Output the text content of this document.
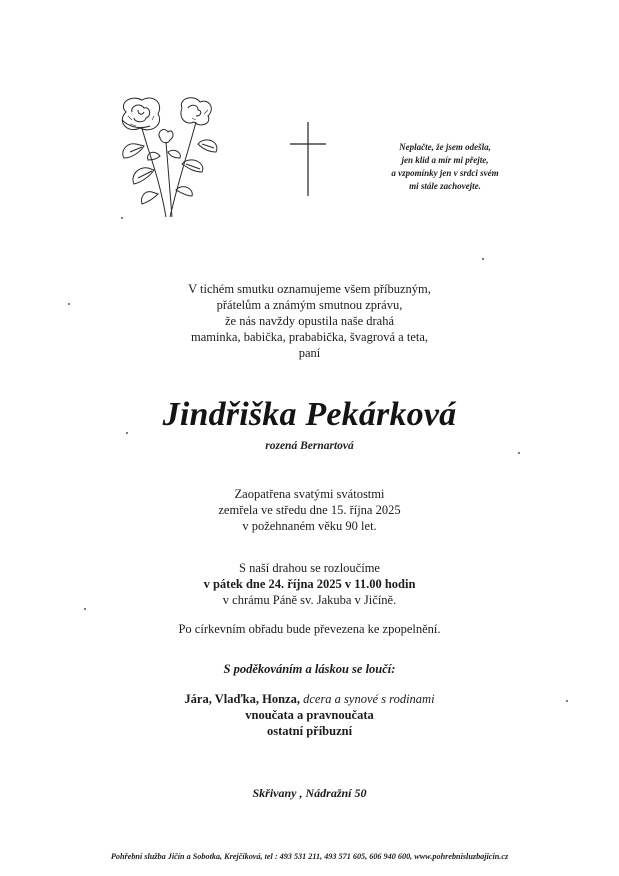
Neplačte, že jsem odešla,
jen klid a mír mi přejte,
a vzpomínky jen v srdci svém
mi stále zachovejte.
V tichém smutku oznamujeme všem příbuzným,
přátelům a známým smutnou zprávu,
že nás navždy opustila naše drahá
maminka, babička, prababička, švagrová a teta,
paní
Jindřiška Pekárková
rozená Bernartová
Zaopatřena svatými svátostmi
zemřela ve středu dne 15. října 2025
v požehnaném věku 90 let.
S naší drahou se rozloučíme
v pátek dne 24. října 2025 v 11.00 hodin
v chrámu Páně sv. Jakuba v Jičíně.
Po církevním obřadu bude převezena ke zpopelnění.
S poděkováním a láskou se loučí:
Jára, Vlaďka, Honza, dcera a synové s rodinami
vnoučata a pravnoučata
ostatní příbuzní
Skřivany , Nádražní 50
Pohřební služba Jičín a Sobotka, Krejčíková, tel : 493 531 211, 493 571 605, 606 940 600, www.pohrebnisluzbajicin.cz
